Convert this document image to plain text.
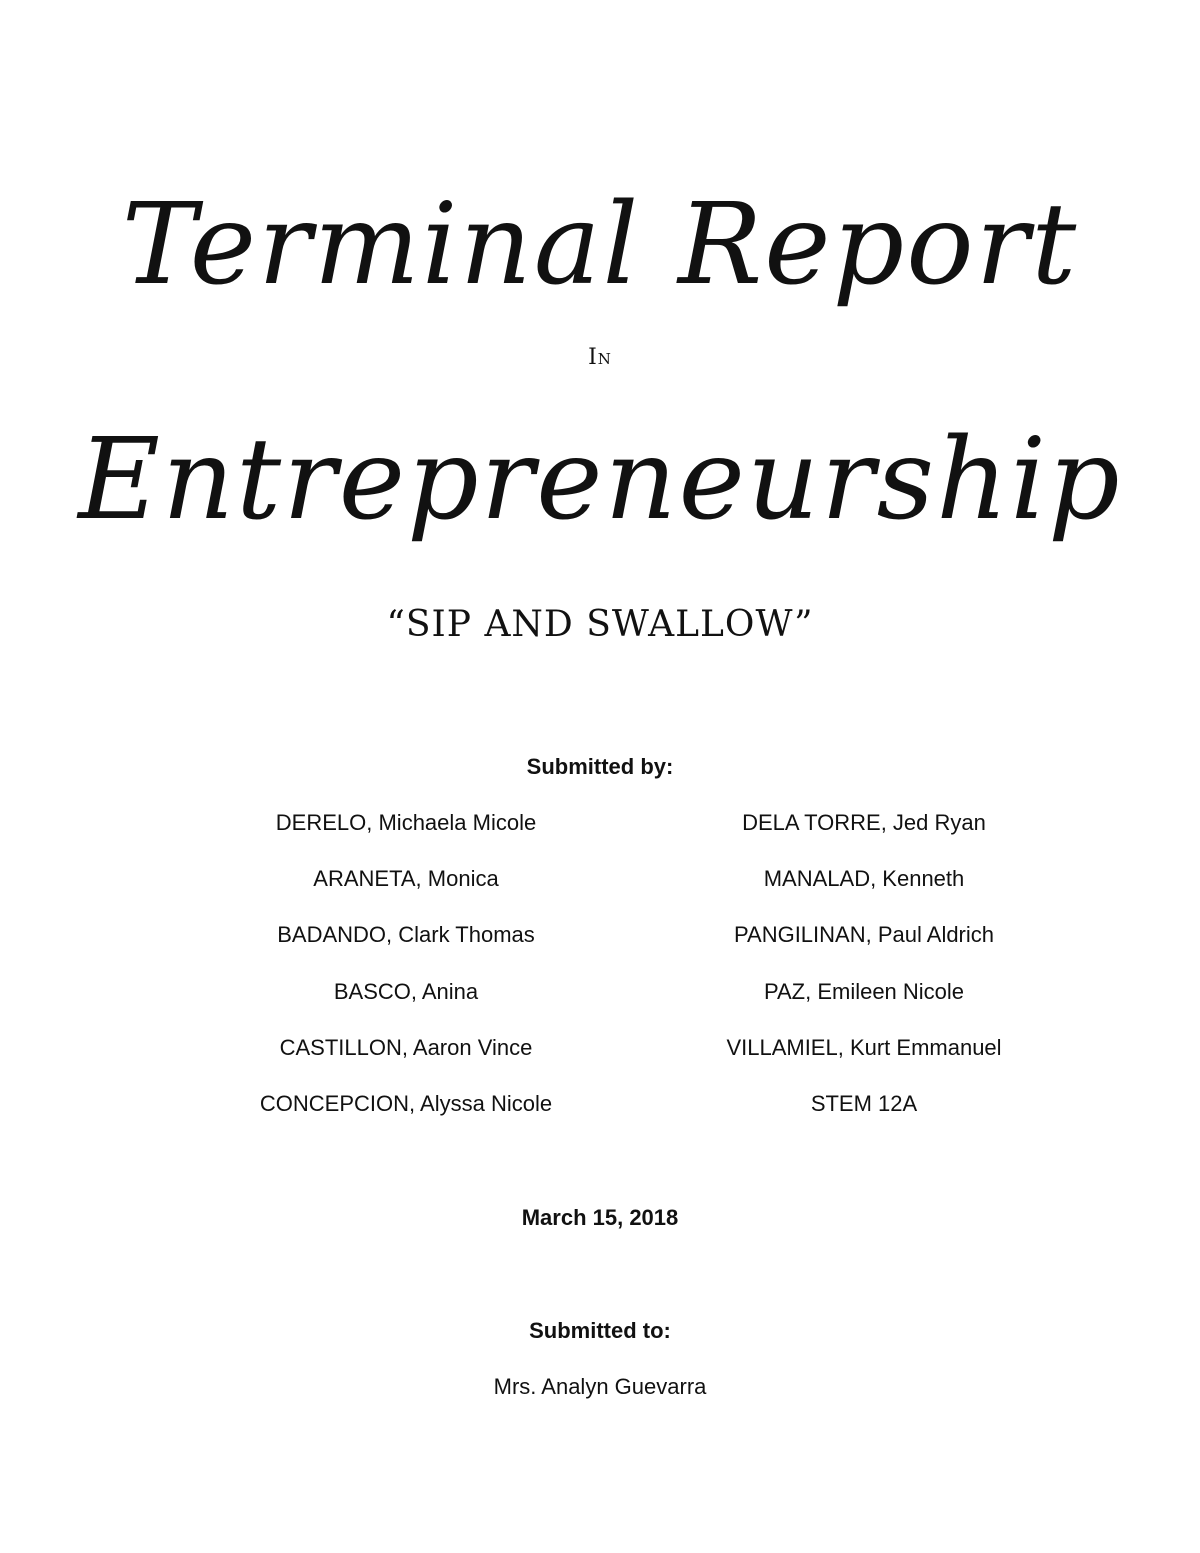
Terminal Report
In
Entrepreneurship
“SIP AND SWALLOW”
Submitted by:
DERELO, Michaela Micole
ARANETA, Monica
BADANDO, Clark Thomas
BASCO, Anina
CASTILLON, Aaron Vince
CONCEPCION, Alyssa Nicole
DELA TORRE, Jed Ryan
MANALAD, Kenneth
PANGILINAN, Paul Aldrich
PAZ, Emileen Nicole
VILLAMIEL, Kurt Emmanuel
STEM 12A
March 15, 2018
Submitted to:
Mrs. Analyn Guevarra
